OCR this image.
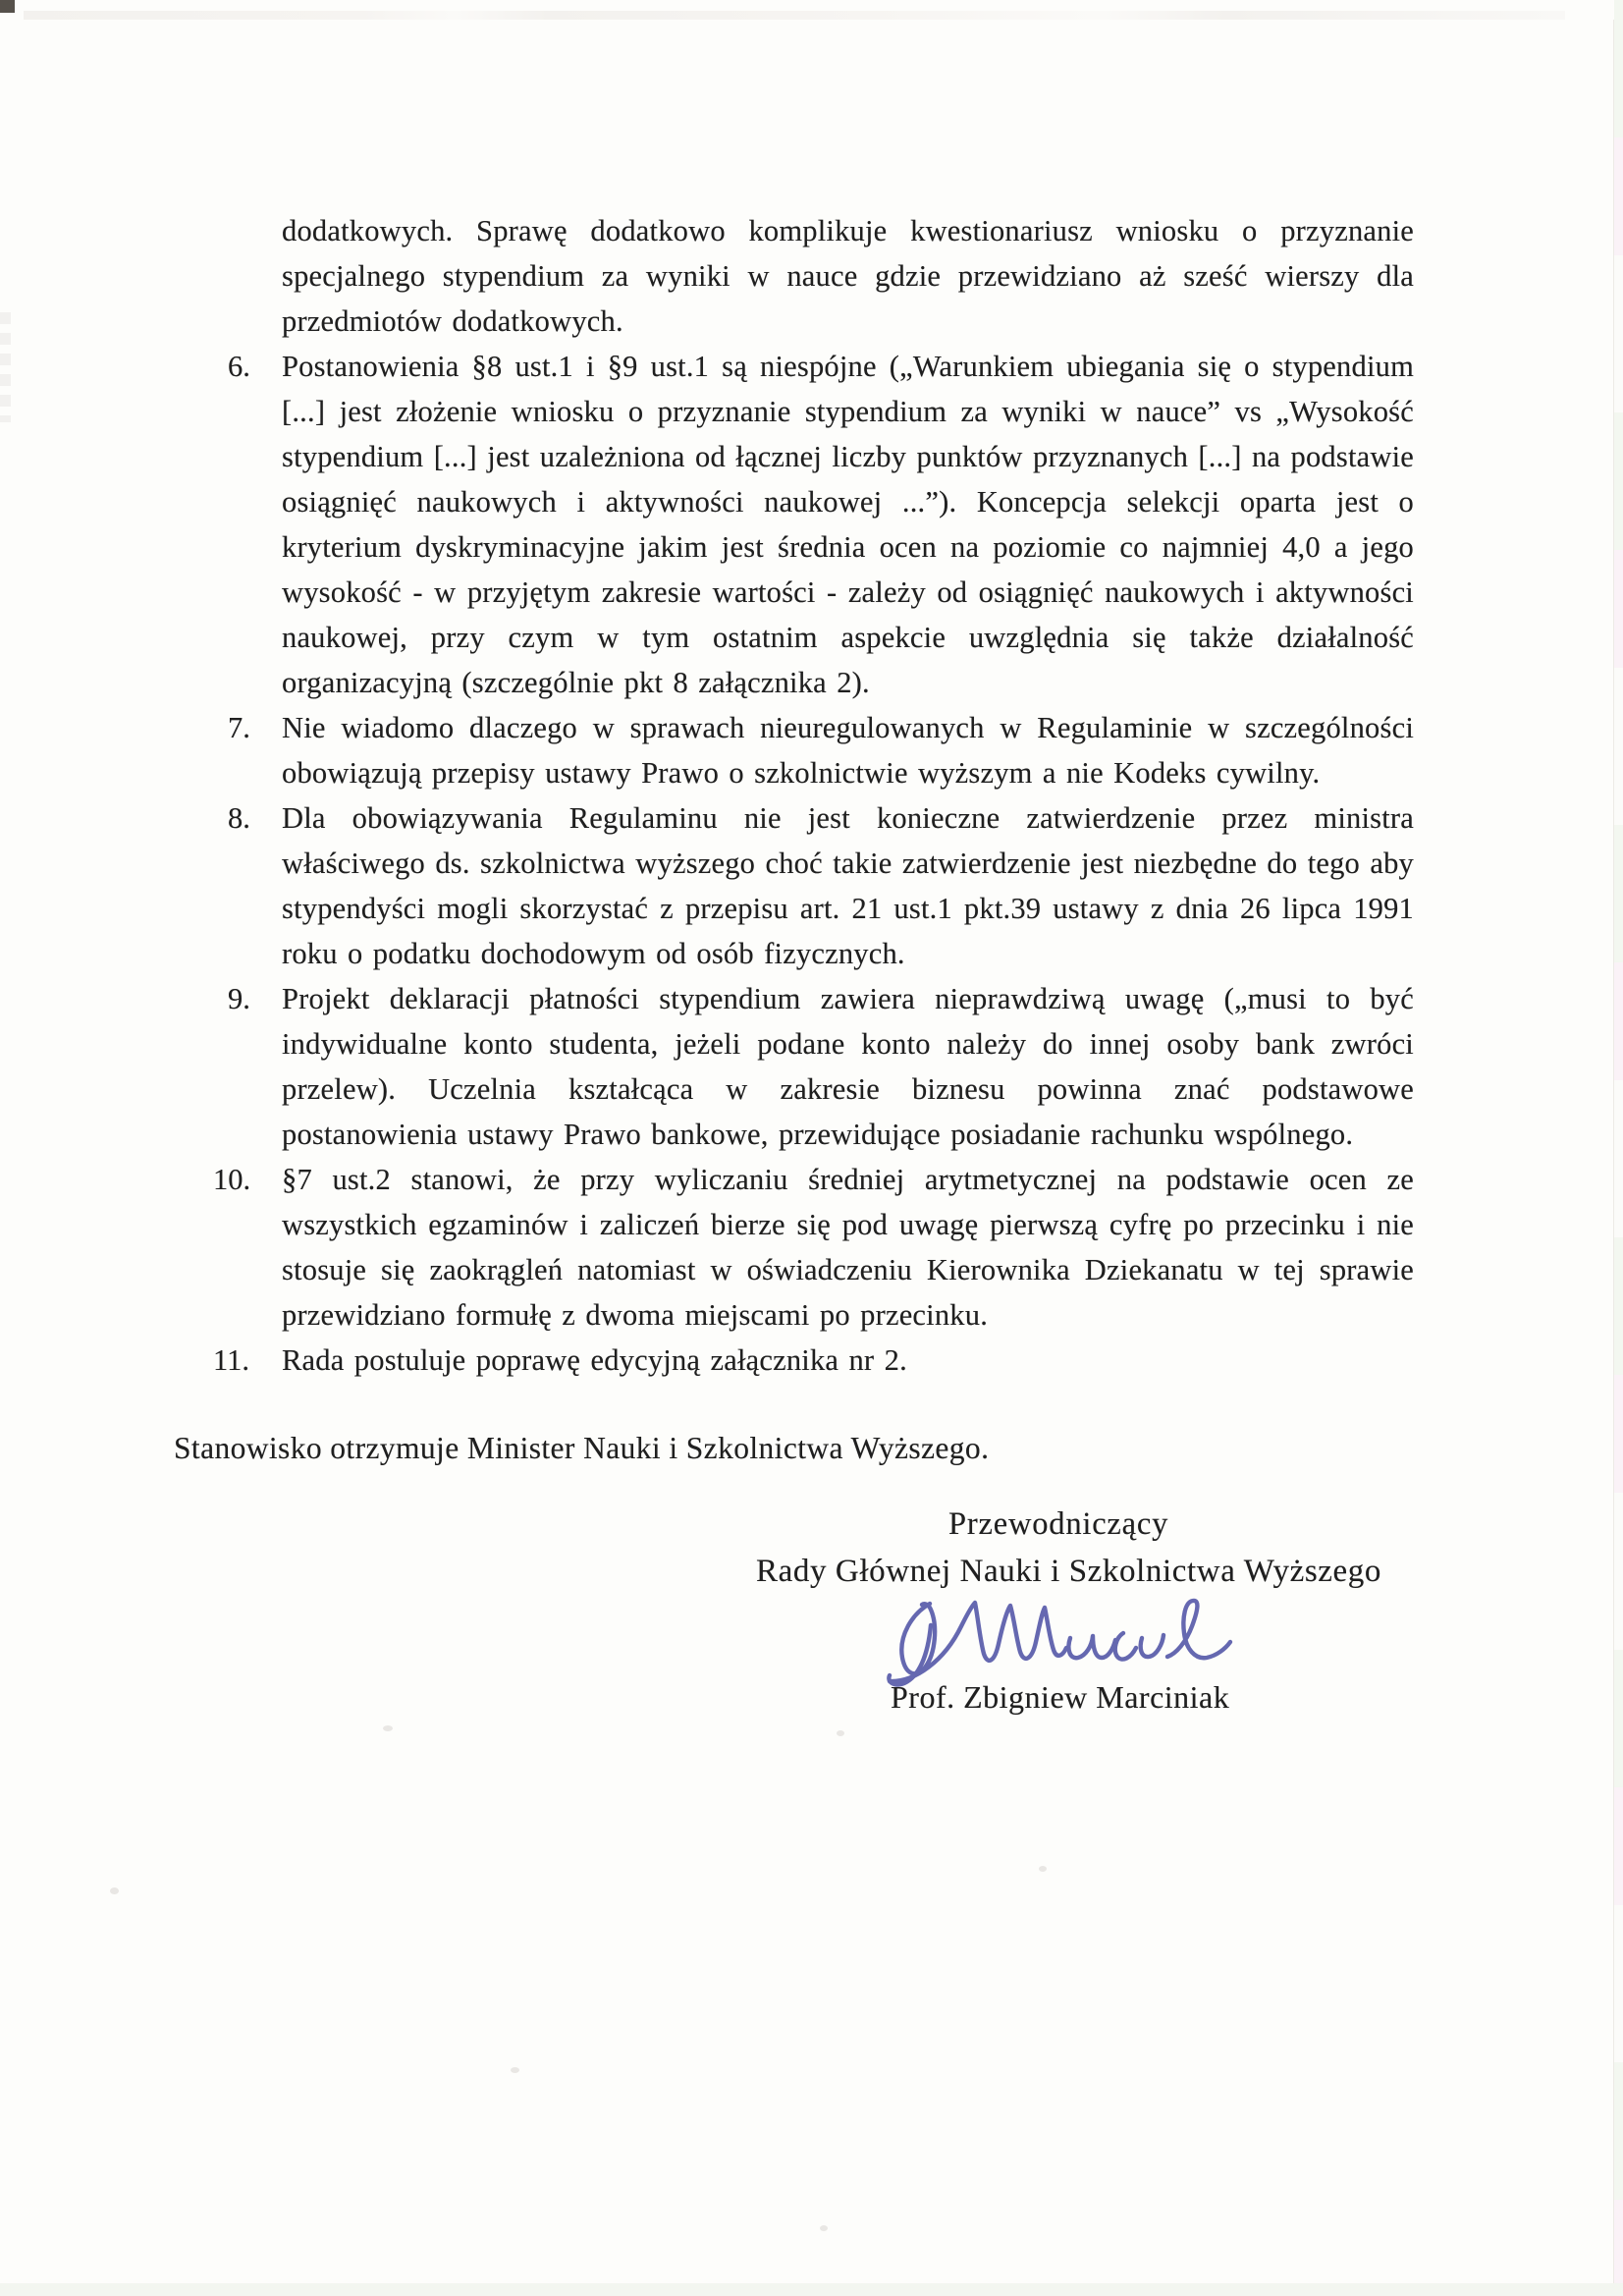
dodatkowych. Sprawę dodatkowo komplikuje kwestionariusz wniosku o przyznanie specjalnego stypendium za wyniki w nauce gdzie przewidziano aż sześć wierszy dla przedmiotów dodatkowych.

6. Postanowienia §8 ust.1 i §9 ust.1 są niespójne („Warunkiem ubiegania się o stypendium [...] jest złożenie wniosku o przyznanie stypendium za wyniki w nauce” vs „Wysokość stypendium [...] jest uzależniona od łącznej liczby punktów przyznanych [...] na podstawie osiągnięć naukowych i aktywności naukowej ...”). Koncepcja selekcji oparta jest o kryterium dyskryminacyjne jakim jest średnia ocen na poziomie co najmniej 4,0 a jego wysokość - w przyjętym zakresie wartości - zależy od osiągnięć naukowych i aktywności naukowej, przy czym w tym ostatnim aspekcie uwzględnia się także działalność organizacyjną (szczególnie pkt 8 załącznika 2).
7. Nie wiadomo dlaczego w sprawach nieuregulowanych w Regulaminie w szczególności obowiązują przepisy ustawy Prawo o szkolnictwie wyższym a nie Kodeks cywilny.
8. Dla obowiązywania Regulaminu nie jest konieczne zatwierdzenie przez ministra właściwego ds. szkolnictwa wyższego choć takie zatwierdzenie jest niezbędne do tego aby stypendyści mogli skorzystać z przepisu art. 21 ust.1 pkt.39 ustawy z dnia 26 lipca 1991 roku o podatku dochodowym od osób fizycznych.
9. Projekt deklaracji płatności stypendium zawiera nieprawdziwą uwagę („musi to być indywidualne konto studenta, jeżeli podane konto należy do innej osoby bank zwróci przelew). Uczelnia kształcąca w zakresie biznesu powinna znać podstawowe postanowienia ustawy Prawo bankowe, przewidujące posiadanie rachunku wspólnego.
10. §7 ust.2 stanowi, że przy wyliczaniu średniej arytmetycznej na podstawie ocen ze wszystkich egzaminów i zaliczeń bierze się pod uwagę pierwszą cyfrę po przecinku i nie stosuje się zaokrągleń natomiast w oświadczeniu Kierownika Dziekanatu w tej sprawie przewidziano formułę z dwoma miejscami po przecinku.
11. Rada postuluje poprawę edycyjną załącznika nr 2.
Stanowisko otrzymuje Minister Nauki i Szkolnictwa Wyższego.
Przewodniczący
Rady Głównej Nauki i Szkolnictwa Wyższego
Prof. Zbigniew Marciniak
